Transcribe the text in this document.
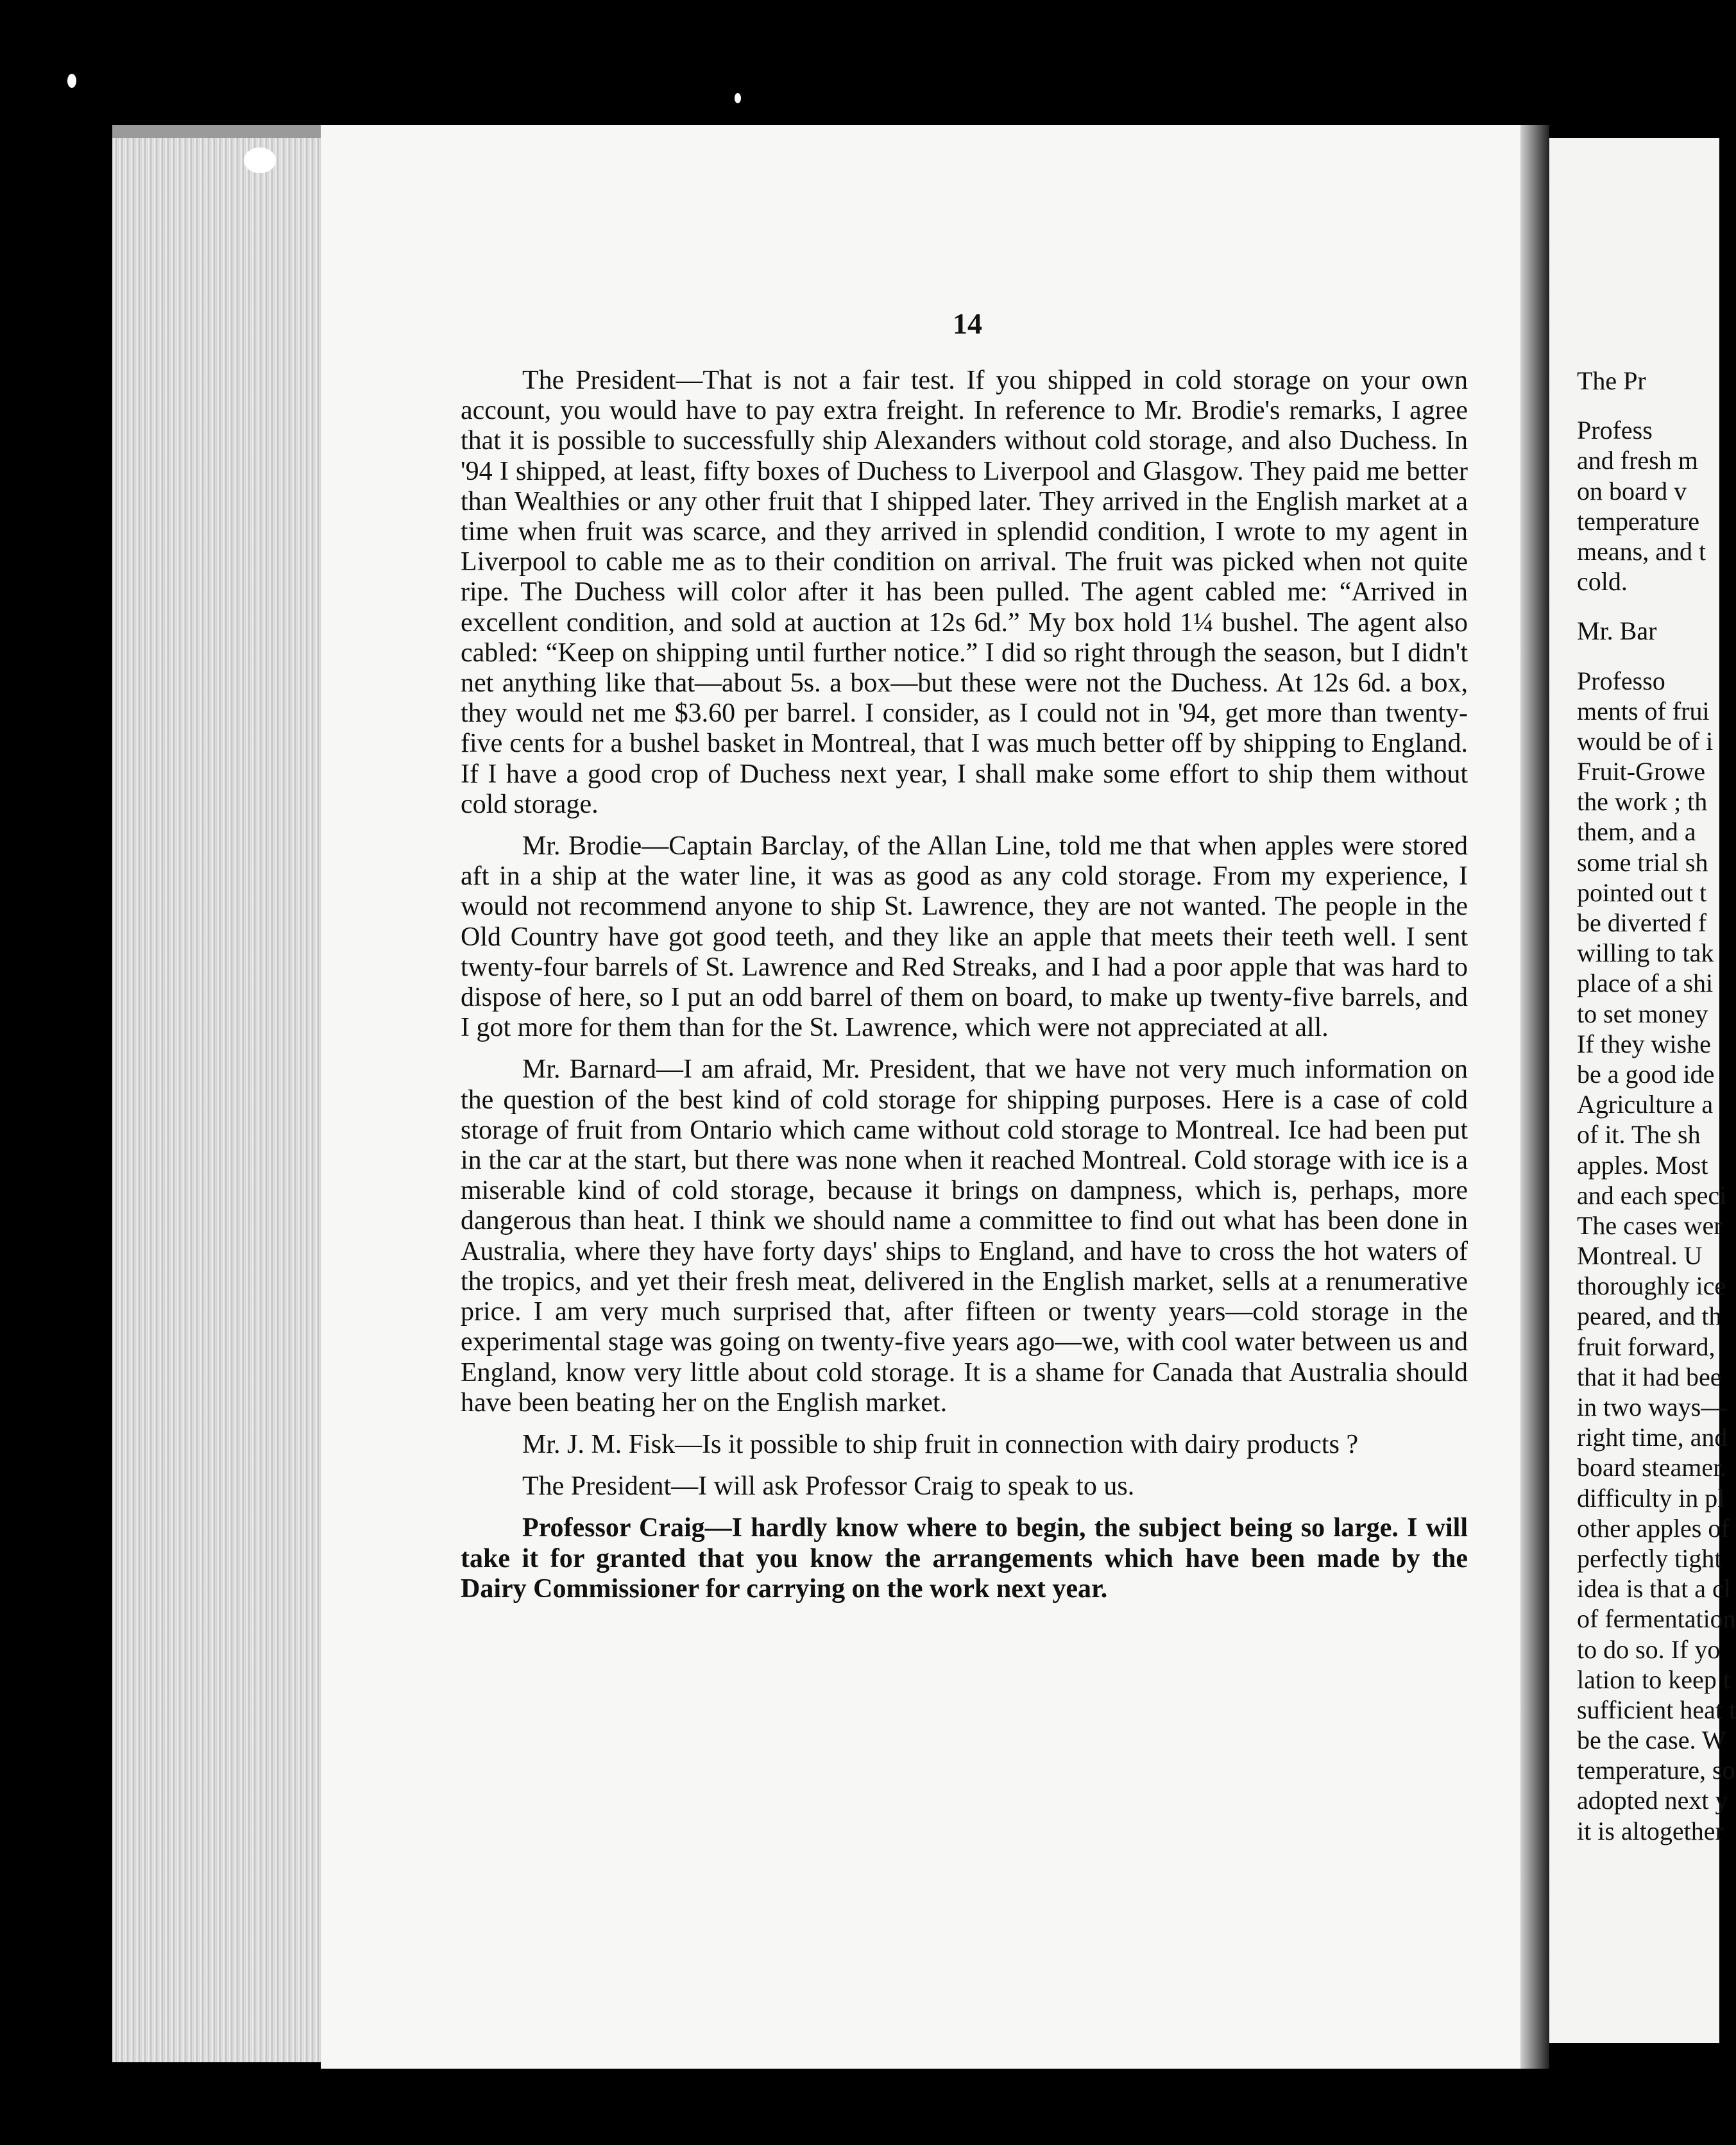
14

The President—That is not a fair test. If you shipped in cold storage on your own account, you would have to pay extra freight. In reference to Mr. Brodie's remarks, I agree that it is possible to successfully ship Alexanders without cold storage, and also Duchess. In '94 I shipped, at least, fifty boxes of Duchess to Liverpool and Glasgow. They paid me better than Wealthies or any other fruit that I shipped later. They arrived in the English market at a time when fruit was scarce, and they arrived in splendid condition, I wrote to my agent in Liverpool to cable me as to their condition on arrival. The fruit was picked when not quite ripe. The Duchess will color after it has been pulled. The agent cabled me: “Arrived in excellent condition, and sold at auction at 12s 6d.” My box hold 1¼ bushel. The agent also cabled: “Keep on shipping until further notice.” I did so right through the season, but I didn't net anything like that—about 5s. a box—but these were not the Duchess. At 12s 6d. a box, they would net me $3.60 per barrel. I consider, as I could not in '94, get more than twenty-five cents for a bushel basket in Montreal, that I was much better off by shipping to England. If I have a good crop of Duchess next year, I shall make some effort to ship them without cold storage.

Mr. Brodie—Captain Barclay, of the Allan Line, told me that when apples were stored aft in a ship at the water line, it was as good as any cold storage. From my experience, I would not recommend anyone to ship St. Lawrence, they are not wanted. The people in the Old Country have got good teeth, and they like an apple that meets their teeth well. I sent twenty-four barrels of St. Lawrence and Red Streaks, and I had a poor apple that was hard to dispose of here, so I put an odd barrel of them on board, to make up twenty-five barrels, and I got more for them than for the St. Lawrence, which were not appreciated at all.

Mr. Barnard—I am afraid, Mr. President, that we have not very much information on the question of the best kind of cold storage for shipping purposes. Here is a case of cold storage of fruit from Ontario which came without cold storage to Montreal. Ice had been put in the car at the start, but there was none when it reached Montreal. Cold storage with ice is a miserable kind of cold storage, because it brings on dampness, which is, perhaps, more dangerous than heat. I think we should name a committee to find out what has been done in Australia, where they have forty days' ships to England, and have to cross the hot waters of the tropics, and yet their fresh meat, delivered in the English market, sells at a renumerative price. I am very much surprised that, after fifteen or twenty years—cold storage in the experimental stage was going on twenty-five years ago—we, with cool water between us and England, know very little about cold storage. It is a shame for Canada that Australia should have been beating her on the English market.

Mr. J. M. Fisk—Is it possible to ship fruit in connection with dairy products ?

The President—I will ask Professor Craig to speak to us.

Professor Craig—I hardly know where to begin, the subject being so large. I will take it for granted that you know the arrangements which have been made by the Dairy Commissioner for carrying on the work next year.

The Pr
Profess
and fresh m
on board v
temperature
means, and t
cold.
Mr. Bar
Professo
ments of frui
would be of i
Fruit-Growe
the work ; th
them, and a
some trial sh
pointed out t
be diverted f
willing to tak
place of a shi
to set money
If they wishe
be a good ide
Agriculture a
of it. The sh
apples. Most
and each speci
The cases wer
Montreal. U
thoroughly ice
peared, and th
fruit forward,
that it had bee
in two ways—
right time, and
board steamer.
difficulty in pl
other apples of
perfectly tight
idea is that a cl
of fermentation
to do so. If yo
lation to keep t
sufficient heat t
be the case. W
temperature, so
adopted next y
it is altogether
